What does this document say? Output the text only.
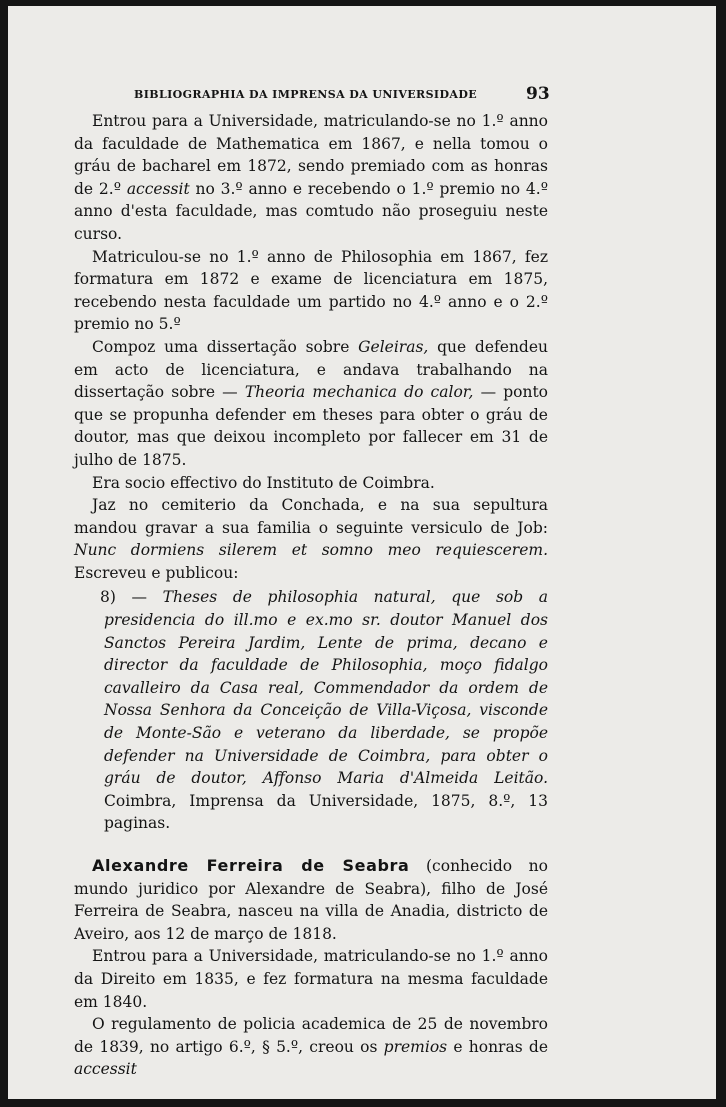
BIBLIOGRAPHIA DA IMPRENSA DA UNIVERSIDADE	93

Entrou para a Universidade, matriculando-se no 1.º anno da faculdade de Mathematica em 1867, e nella tomou o gráu de bacharel em 1872, sendo premiado com as honras de 2.º accessit no 3.º anno e recebendo o 1.º premio no 4.º anno d'esta faculdade, mas comtudo não proseguiu neste curso.

Matriculou-se no 1.º anno de Philosophia em 1867, fez formatura em 1872 e exame de licenciatura em 1875, recebendo nesta faculdade um partido no 4.º anno e o 2.º premio no 5.º

Compoz uma dissertação sobre Geleiras, que defendeu em acto de licenciatura, e andava trabalhando na dissertação sobre — Theoria mechanica do calor, — ponto que se propunha defender em theses para obter o gráu de doutor, mas que deixou incompleto por fallecer em 31 de julho de 1875.

Era socio effectivo do Instituto de Coimbra.

Jaz no cemiterio da Conchada, e na sua sepultura mandou gravar a sua familia o seguinte versiculo de Job: Nunc dormiens silerem et somno meo requiescerem. Escreveu e publicou:

8) — Theses de philosophia natural, que sob a presidencia do ill.mo e ex.mo sr. doutor Manuel dos Sanctos Pereira Jardim, Lente de prima, decano e director da faculdade de Philosophia, moço fidalgo cavalleiro da Casa real, Commendador da ordem de Nossa Senhora da Conceição de Villa-Viçosa, visconde de Monte-São e veterano da liberdade, se propõe defender na Universidade de Coimbra, para obter o gráu de doutor, Affonso Maria d'Almeida Leitão. Coimbra, Imprensa da Universidade, 1875, 8.º, 13 paginas.

Alexandre Ferreira de Seabra (conhecido no mundo juridico por Alexandre de Seabra), filho de José Ferreira de Seabra, nasceu na villa de Anadia, districto de Aveiro, aos 12 de março de 1818.

Entrou para a Universidade, matriculando-se no 1.º anno da Direito em 1835, e fez formatura na mesma faculdade em 1840.

O regulamento de policia academica de 25 de novembro de 1839, no artigo 6.º, § 5.º, creou os premios e honras de accessit
